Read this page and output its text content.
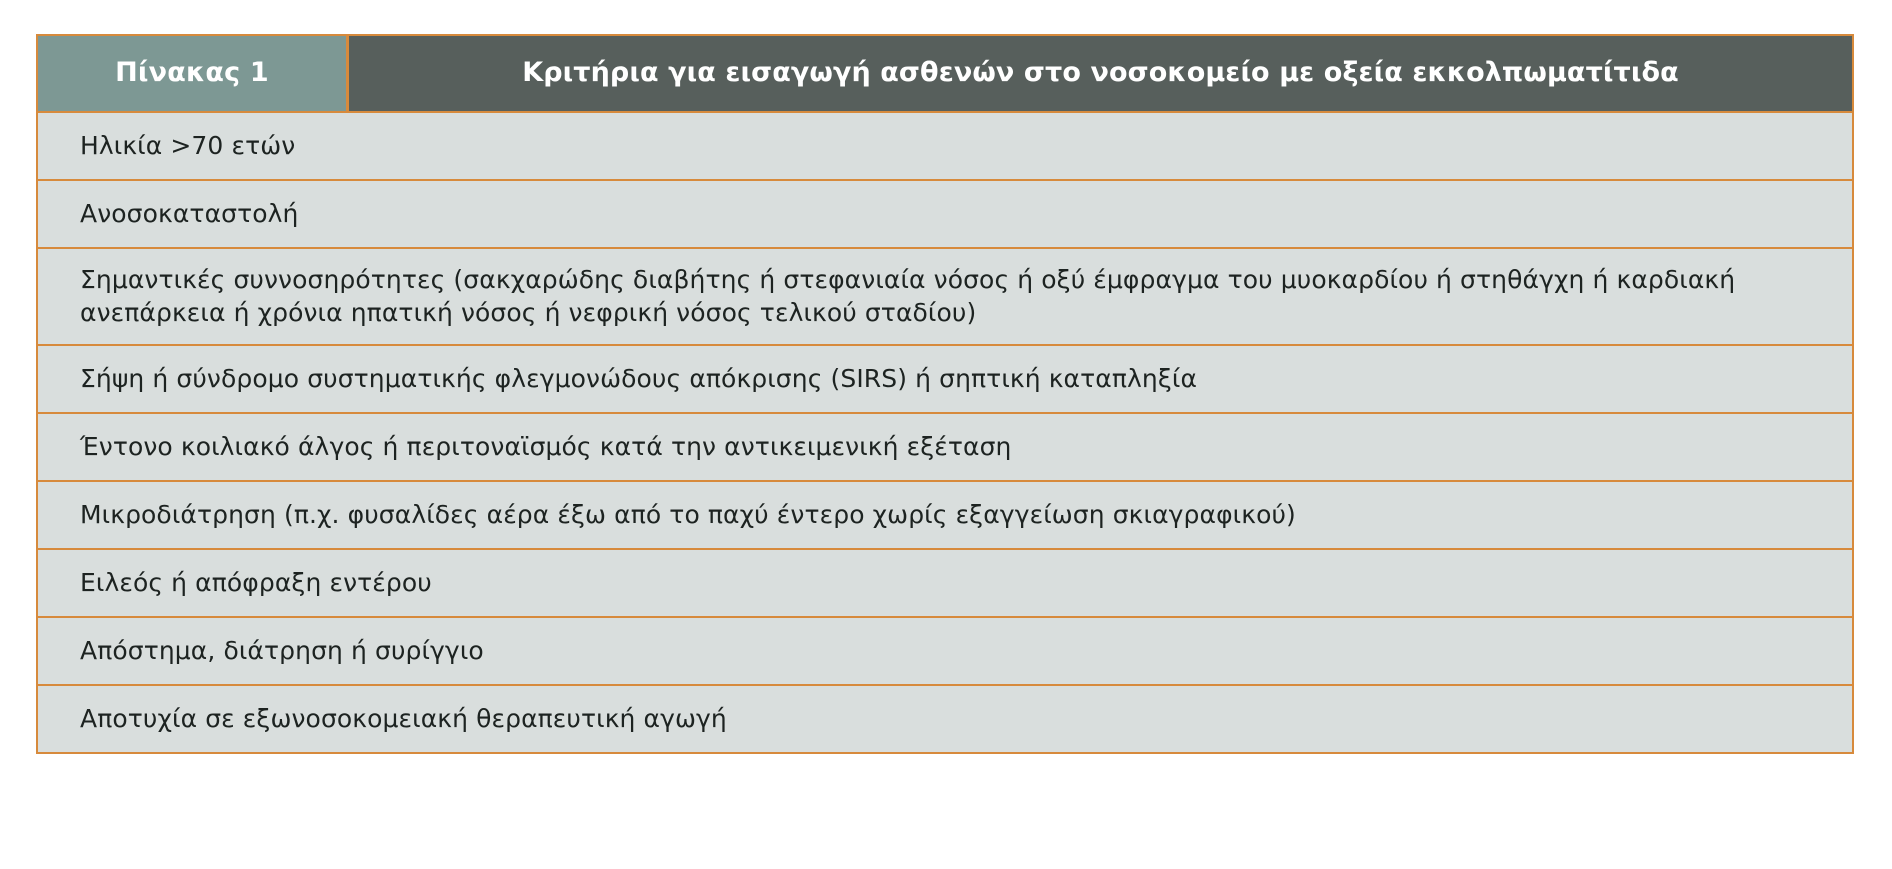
Πίνακας 1	Κριτήρια για εισαγωγή ασθενών στο νοσοκομείο με οξεία εκκολπωματίτιδα
Ηλικία >70 ετών
Ανοσοκαταστολή
Σημαντικές συννοσηρότητες (σακχαρώδης διαβήτης ή στεφανιαία νόσος ή οξύ έμφραγμα του μυοκαρδίου ή στηθάγχη ή καρδιακή ανεπάρκεια ή χρόνια ηπατική νόσος ή νεφρική νόσος τελικού σταδίου)
Σήψη ή σύνδρομο συστηματικής φλεγμονώδους απόκρισης (SIRS) ή σηπτική καταπληξία
Έντονο κοιλιακό άλγος ή περιτοναϊσμός κατά την αντικειμενική εξέταση
Μικροδιάτρηση (π.χ. φυσαλίδες αέρα έξω από το παχύ έντερο χωρίς εξαγγείωση σκιαγραφικού)
Ειλεός ή απόφραξη εντέρου
Απόστημα, διάτρηση ή συρίγγιο
Αποτυχία σε εξωνοσοκομειακή θεραπευτική αγωγή
